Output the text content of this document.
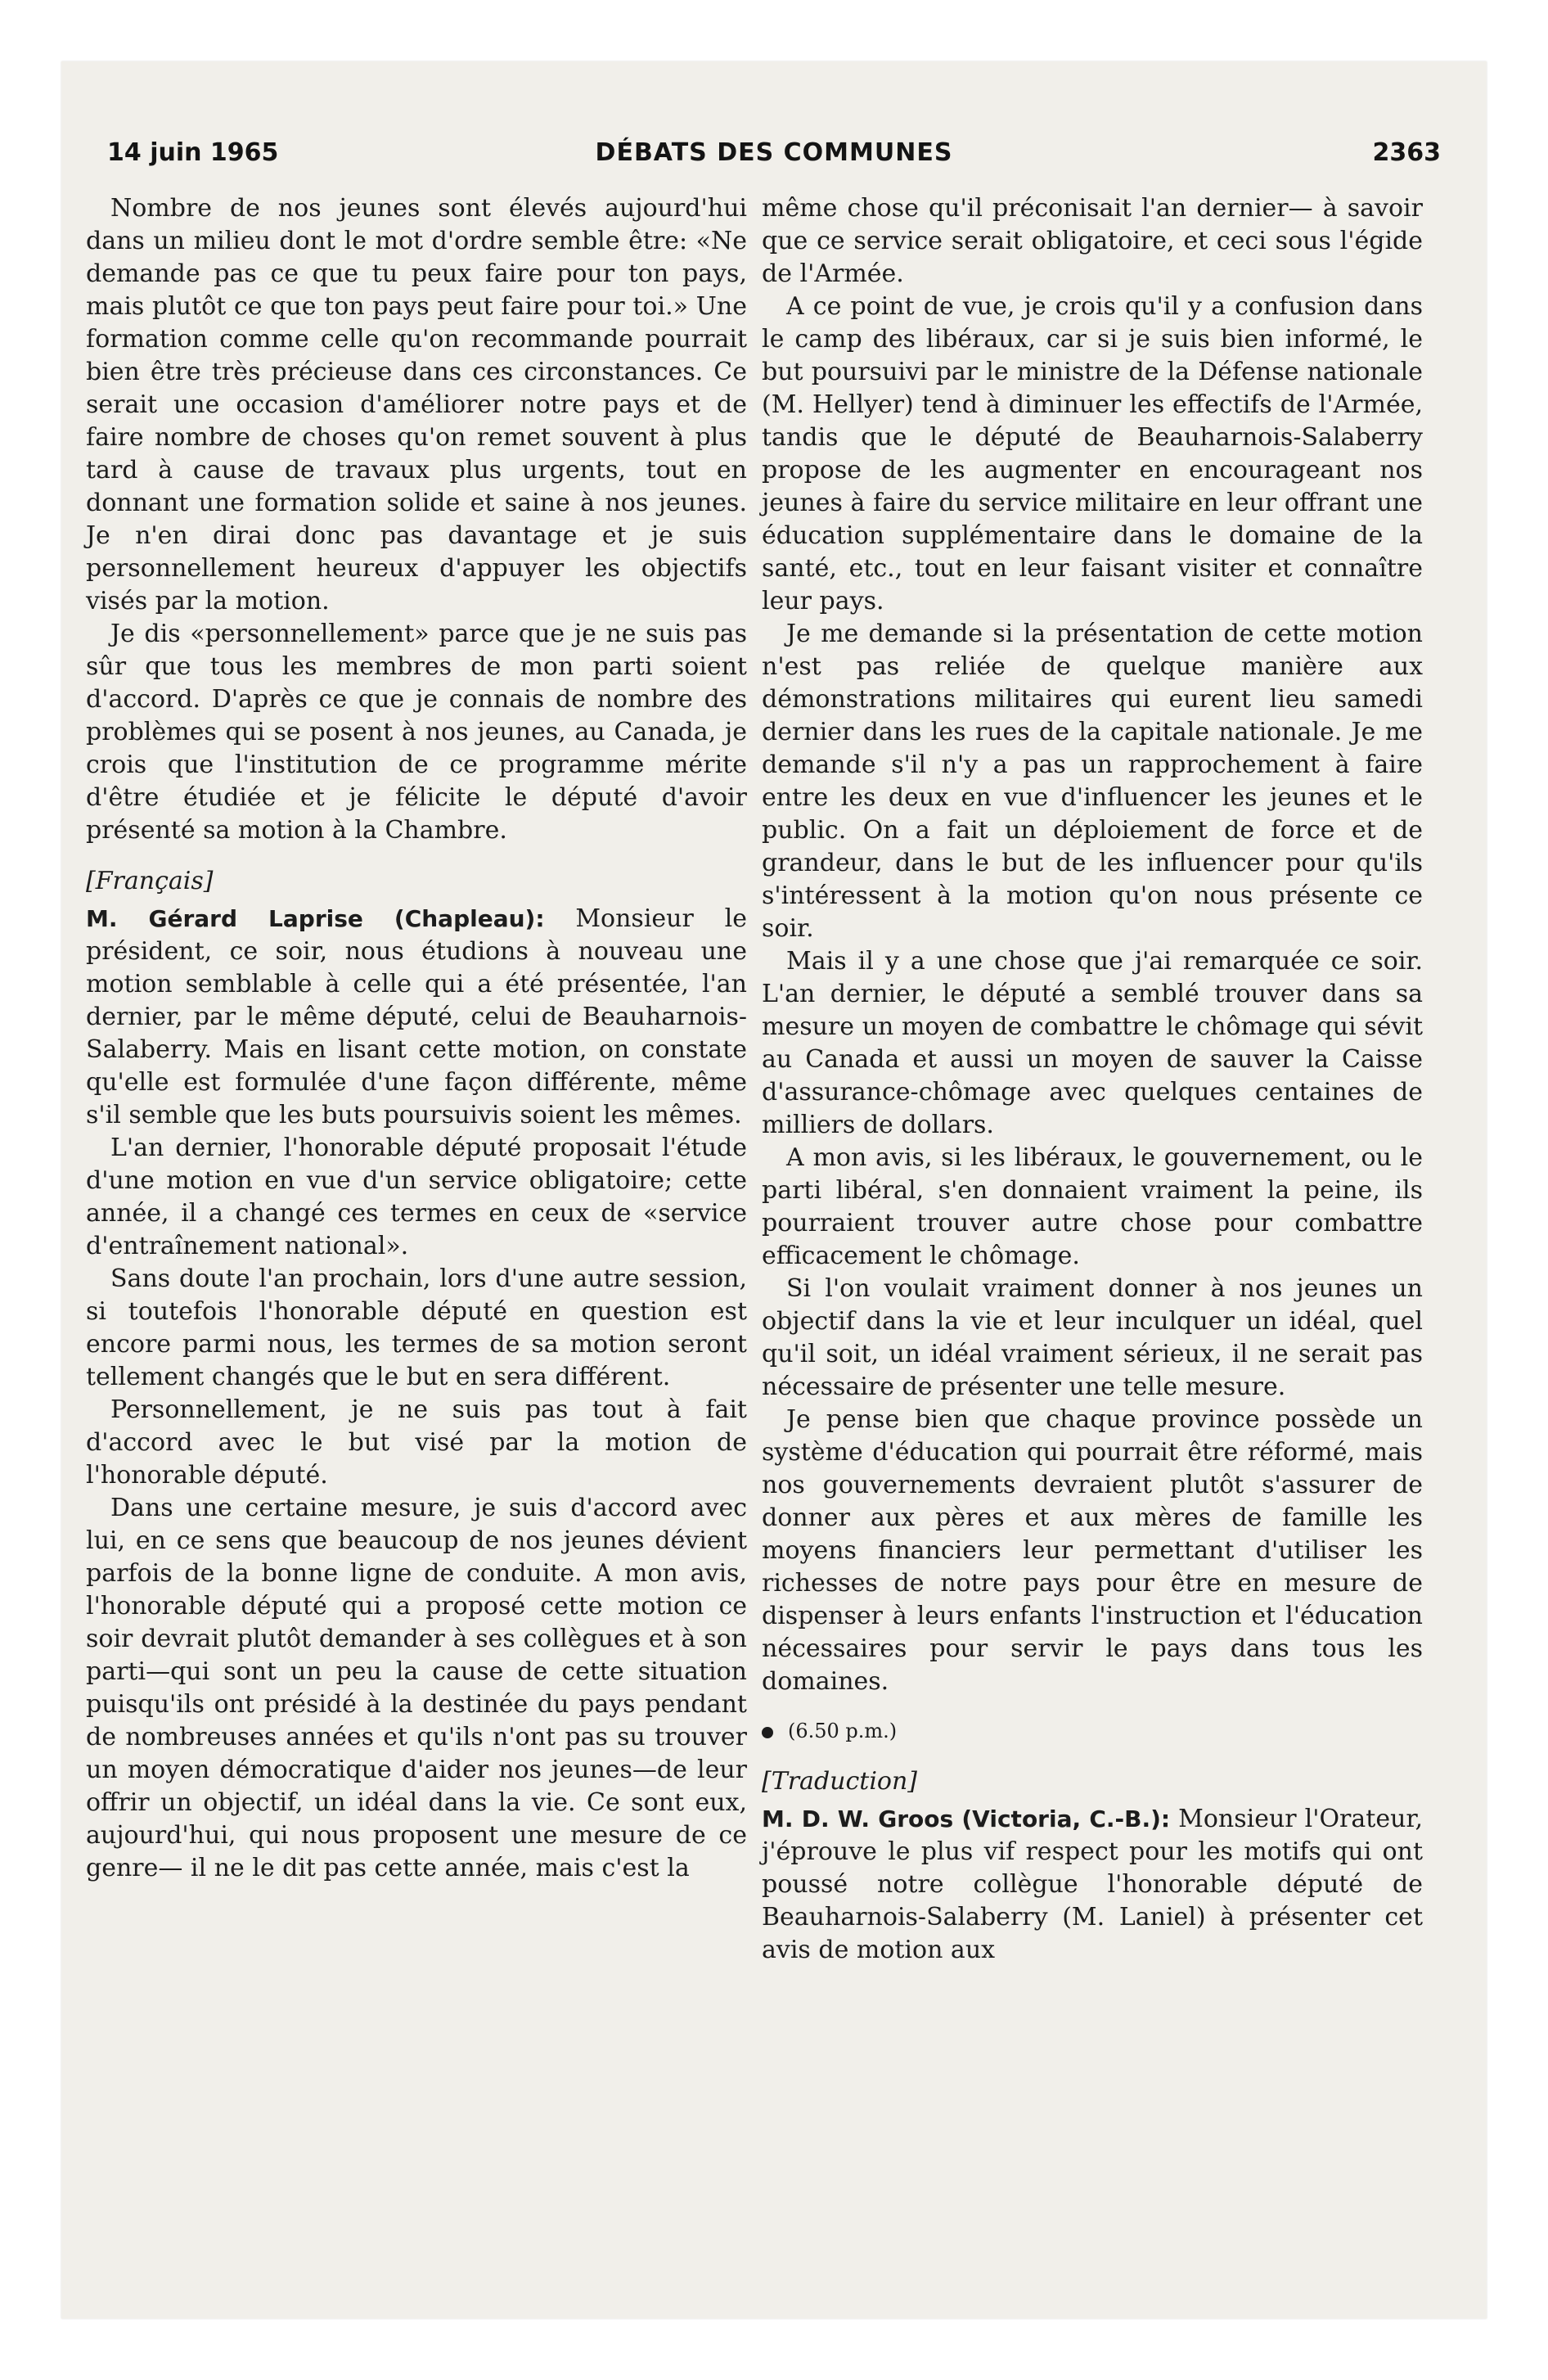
14 juin 1965	DÉBATS DES COMMUNES	2363

Nombre de nos jeunes sont élevés aujourd'hui dans un milieu dont le mot d'ordre semble être: «Ne demande pas ce que tu peux faire pour ton pays, mais plutôt ce que ton pays peut faire pour toi.» Une formation comme celle qu'on recommande pourrait bien être très précieuse dans ces circonstances. Ce serait une occasion d'améliorer notre pays et de faire nombre de choses qu'on remet souvent à plus tard à cause de travaux plus urgents, tout en donnant une formation solide et saine à nos jeunes. Je n'en dirai donc pas davantage et je suis personnellement heureux d'appuyer les objectifs visés par la motion.

Je dis «personnellement» parce que je ne suis pas sûr que tous les membres de mon parti soient d'accord. D'après ce que je connais de nombre des problèmes qui se posent à nos jeunes, au Canada, je crois que l'institution de ce programme mérite d'être étudiée et je félicite le député d'avoir présenté sa motion à la Chambre.

[Français]

M. Gérard Laprise (Chapleau): Monsieur le président, ce soir, nous étudions à nouveau une motion semblable à celle qui a été présentée, l'an dernier, par le même député, celui de Beauharnois-Salaberry. Mais en lisant cette motion, on constate qu'elle est formulée d'une façon différente, même s'il semble que les buts poursuivis soient les mêmes.

L'an dernier, l'honorable député proposait l'étude d'une motion en vue d'un service obligatoire; cette année, il a changé ces termes en ceux de «service d'entraînement national».

Sans doute l'an prochain, lors d'une autre session, si toutefois l'honorable député en question est encore parmi nous, les termes de sa motion seront tellement changés que le but en sera différent.

Personnellement, je ne suis pas tout à fait d'accord avec le but visé par la motion de l'honorable député.

Dans une certaine mesure, je suis d'accord avec lui, en ce sens que beaucoup de nos jeunes dévient parfois de la bonne ligne de conduite. A mon avis, l'honorable député qui a proposé cette motion ce soir devrait plutôt demander à ses collègues et à son parti—qui sont un peu la cause de cette situation puisqu'ils ont présidé à la destinée du pays pendant de nombreuses années et qu'ils n'ont pas su trouver un moyen démocratique d'aider nos jeunes—de leur offrir un objectif, un idéal dans la vie. Ce sont eux, aujourd'hui, qui nous proposent une mesure de ce genre— il ne le dit pas cette année, mais c'est la

même chose qu'il préconisait l'an dernier— à savoir que ce service serait obligatoire, et ceci sous l'égide de l'Armée.

A ce point de vue, je crois qu'il y a confusion dans le camp des libéraux, car si je suis bien informé, le but poursuivi par le ministre de la Défense nationale (M. Hellyer) tend à diminuer les effectifs de l'Armée, tandis que le député de Beauharnois-Salaberry propose de les augmenter en encourageant nos jeunes à faire du service militaire en leur offrant une éducation supplémentaire dans le domaine de la santé, etc., tout en leur faisant visiter et connaître leur pays.

Je me demande si la présentation de cette motion n'est pas reliée de quelque manière aux démonstrations militaires qui eurent lieu samedi dernier dans les rues de la capitale nationale. Je me demande s'il n'y a pas un rapprochement à faire entre les deux en vue d'influencer les jeunes et le public. On a fait un déploiement de force et de grandeur, dans le but de les influencer pour qu'ils s'intéressent à la motion qu'on nous présente ce soir.

Mais il y a une chose que j'ai remarquée ce soir. L'an dernier, le député a semblé trouver dans sa mesure un moyen de combattre le chômage qui sévit au Canada et aussi un moyen de sauver la Caisse d'assurance-chômage avec quelques centaines de milliers de dollars.

A mon avis, si les libéraux, le gouvernement, ou le parti libéral, s'en donnaient vraiment la peine, ils pourraient trouver autre chose pour combattre efficacement le chômage.

Si l'on voulait vraiment donner à nos jeunes un objectif dans la vie et leur inculquer un idéal, quel qu'il soit, un idéal vraiment sérieux, il ne serait pas nécessaire de présenter une telle mesure.

Je pense bien que chaque province possède un système d'éducation qui pourrait être réformé, mais nos gouvernements devraient plutôt s'assurer de donner aux pères et aux mères de famille les moyens financiers leur permettant d'utiliser les richesses de notre pays pour être en mesure de dispenser à leurs enfants l'instruction et l'éducation nécessaires pour servir le pays dans tous les domaines.

(6.50 p.m.)

[Traduction]

M. D. W. Groos (Victoria, C.-B.): Monsieur l'Orateur, j'éprouve le plus vif respect pour les motifs qui ont poussé notre collègue l'honorable député de Beauharnois-Salaberry (M. Laniel) à présenter cet avis de motion aux
